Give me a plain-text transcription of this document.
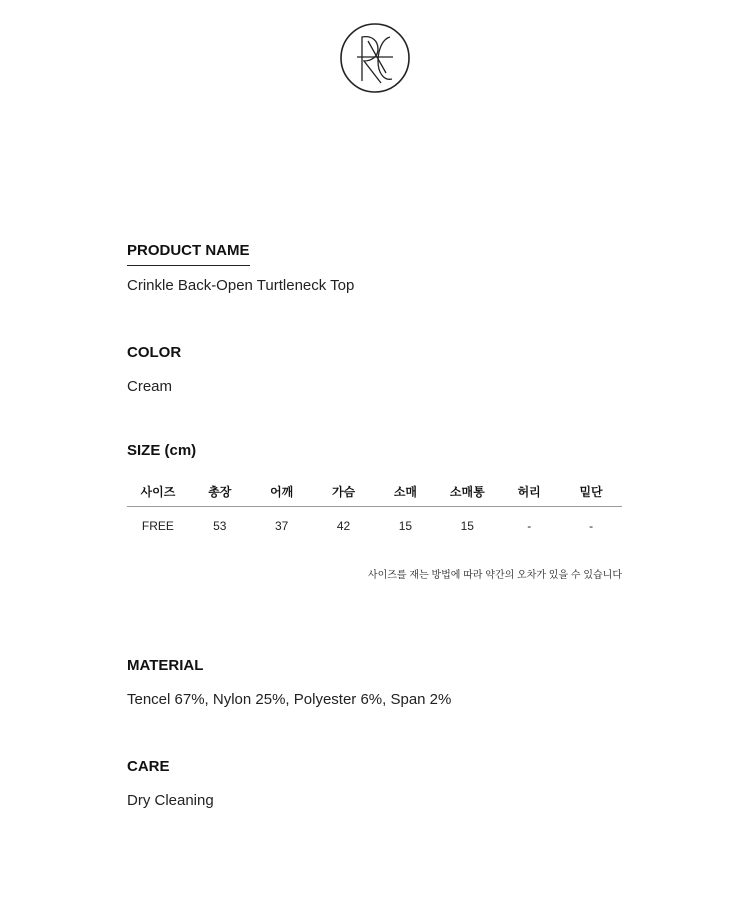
PRODUCT NAME

Crinkle Back-Open Turtleneck Top

COLOR

Cream

SIZE (cm)
사이즈	총장	어깨	가슴	소매	소매통	허리	밑단
FREE	53	37	42	15	15	-	-
사이즈를 재는 방법에 따라 약간의 오차가 있을 수 있습니다
MATERIAL

Tencel 67%, Nylon 25%, Polyester 6%, Span 2%

CARE

Dry Cleaning
